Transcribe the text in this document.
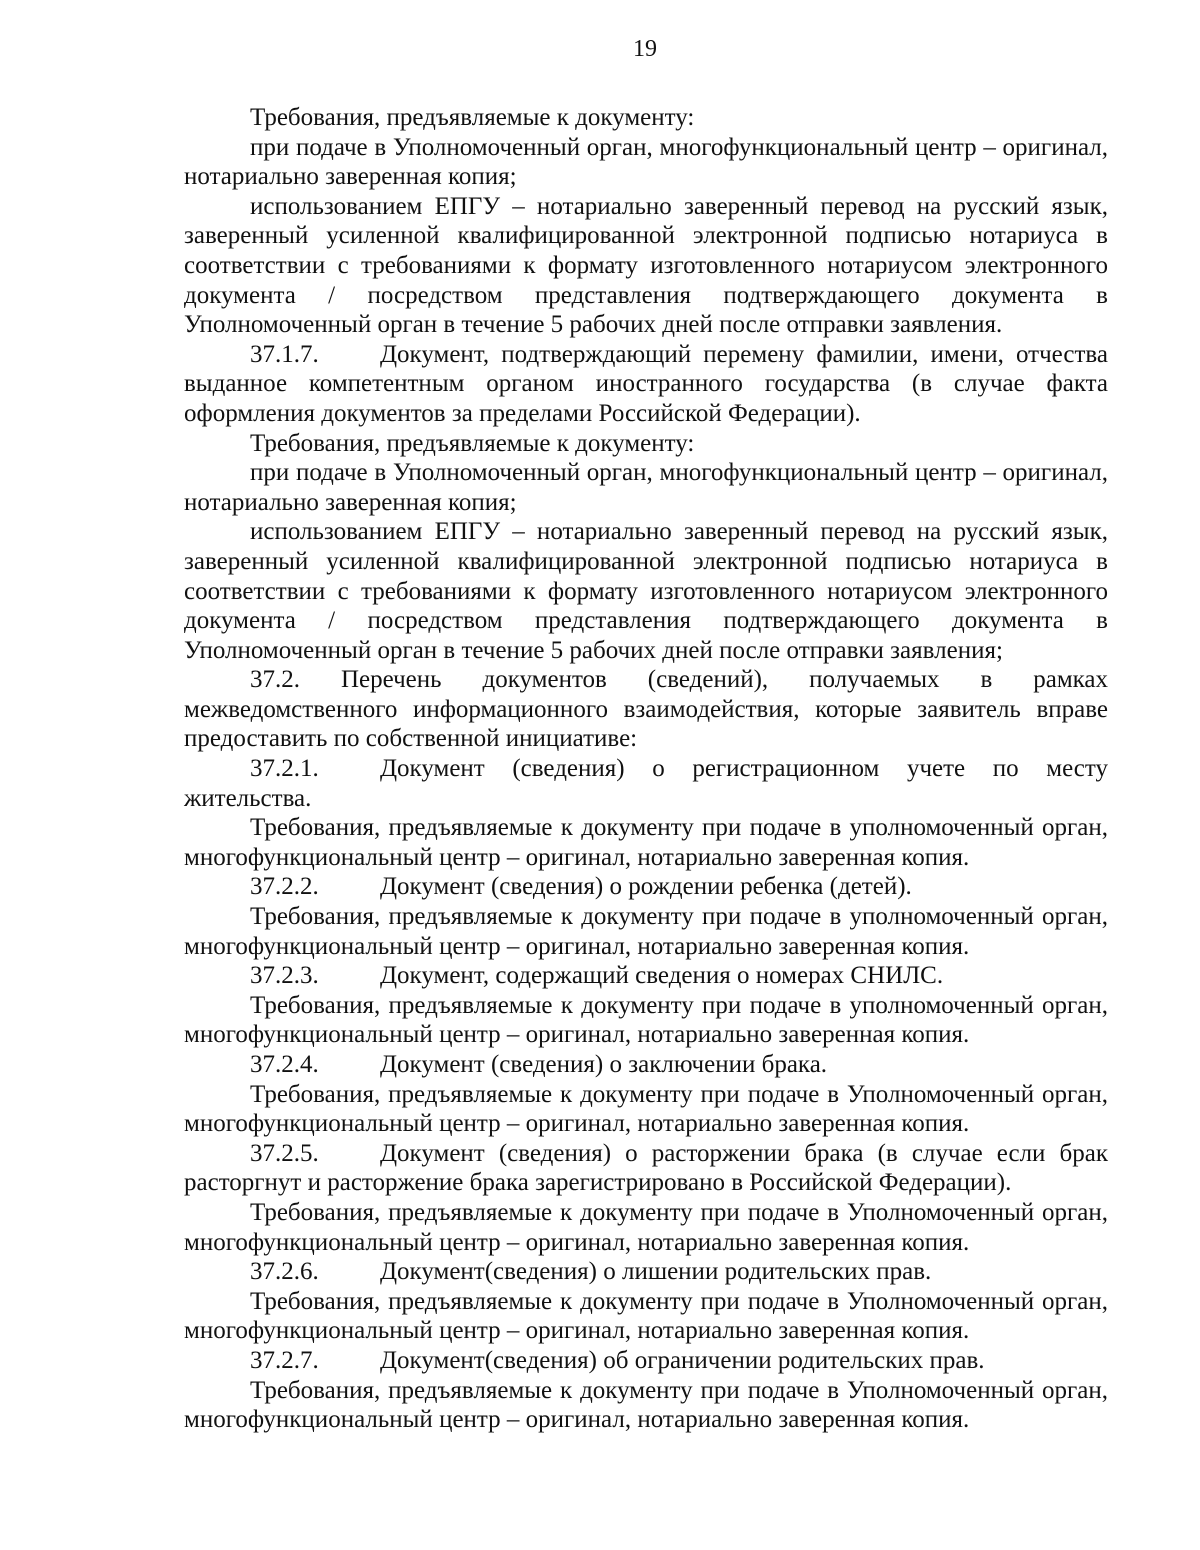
19

Требования, предъявляемые к документу:

при подаче в Уполномоченный орган, многофункциональный центр – оригинал, нотариально заверенная копия;

использованием ЕПГУ – нотариально заверенный перевод на русский язык, заверенный усиленной квалифицированной электронной подписью нотариуса в соответствии с требованиями к формату изготовленного нотариусом электронного документа / посредством представления подтверждающего документа в Уполномоченный орган в течение 5 рабочих дней после отправки заявления.

37.1.7. Документ, подтверждающий перемену фамилии, имени, отчества выданное компетентным органом иностранного государства (в случае факта оформления документов за пределами Российской Федерации).

Требования, предъявляемые к документу:

при подаче в Уполномоченный орган, многофункциональный центр – оригинал, нотариально заверенная копия;

использованием ЕПГУ – нотариально заверенный перевод на русский язык, заверенный усиленной квалифицированной электронной подписью нотариуса в соответствии с требованиями к формату изготовленного нотариусом электронного документа / посредством представления подтверждающего документа в Уполномоченный орган в течение 5 рабочих дней после отправки заявления;

37.2. Перечень документов (сведений), получаемых в рамках межведомственного информационного взаимодействия, которые заявитель вправе предоставить по собственной инициативе:

37.2.1. Документ (сведения) о регистрационном учете по месту жительства.

Требования, предъявляемые к документу при подаче в уполномоченный орган, многофункциональный центр – оригинал, нотариально заверенная копия.

37.2.2. Документ (сведения) о рождении ребенка (детей).

Требования, предъявляемые к документу при подаче в уполномоченный орган, многофункциональный центр – оригинал, нотариально заверенная копия.

37.2.3. Документ, содержащий сведения о номерах СНИЛС.

Требования, предъявляемые к документу при подаче в уполномоченный орган, многофункциональный центр – оригинал, нотариально заверенная копия.

37.2.4. Документ (сведения) о заключении брака.

Требования, предъявляемые к документу при подаче в Уполномоченный орган, многофункциональный центр – оригинал, нотариально заверенная копия.

37.2.5. Документ (сведения) о расторжении брака (в случае если брак расторгнут и расторжение брака зарегистрировано в Российской Федерации).

Требования, предъявляемые к документу при подаче в Уполномоченный орган, многофункциональный центр – оригинал, нотариально заверенная копия.

37.2.6. Документ(сведения) о лишении родительских прав.

Требования, предъявляемые к документу при подаче в Уполномоченный орган, многофункциональный центр – оригинал, нотариально заверенная копия.

37.2.7. Документ(сведения) об ограничении родительских прав.

Требования, предъявляемые к документу при подаче в Уполномоченный орган, многофункциональный центр – оригинал, нотариально заверенная копия.
